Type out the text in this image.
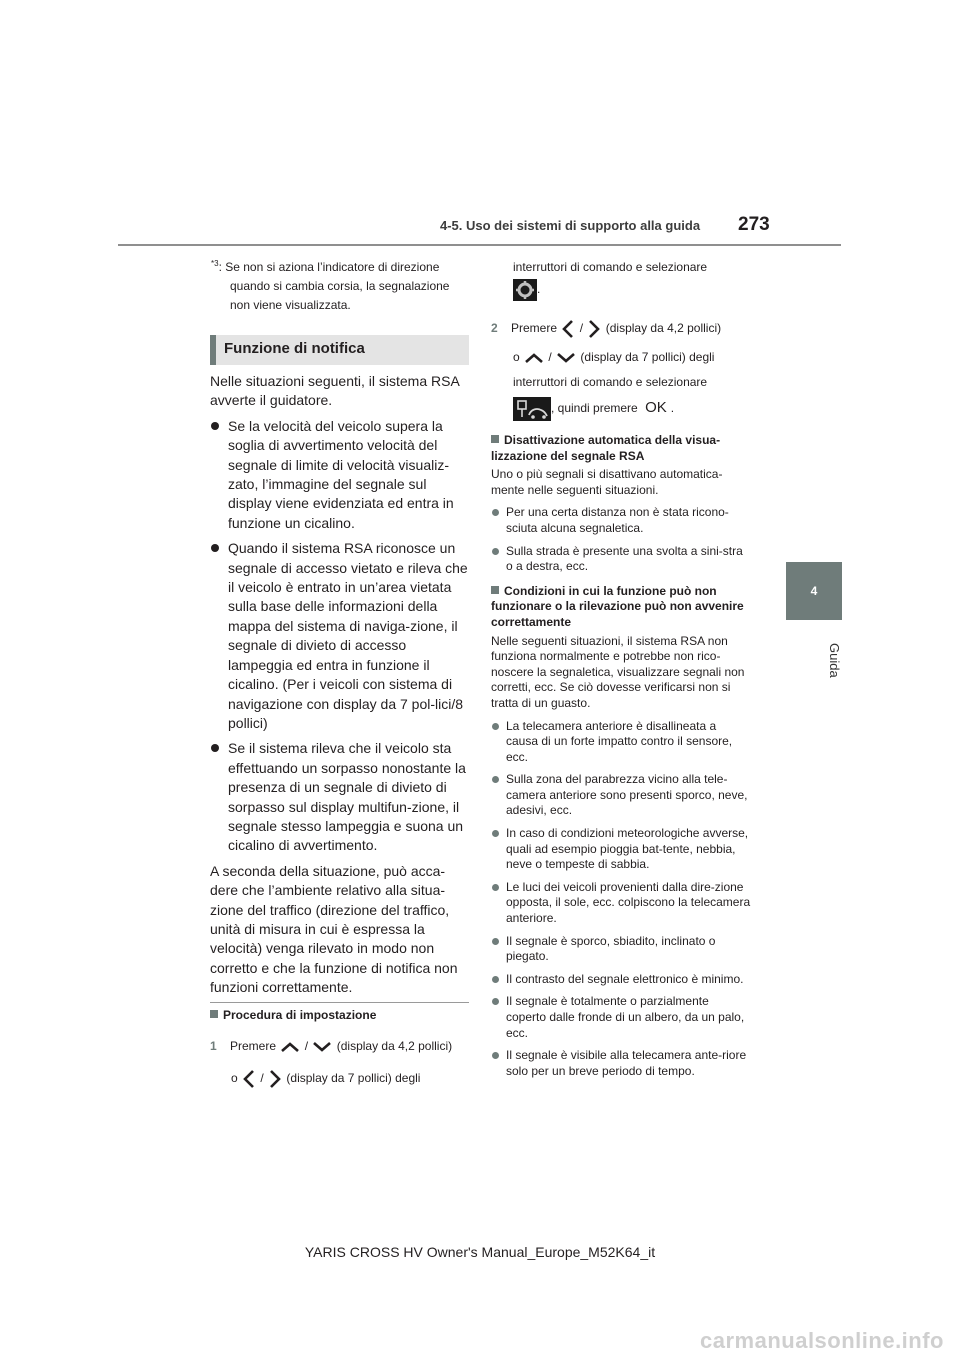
4-5. Uso dei sistemi di supporto alla guida 273
4
Guida
$^{*3}$: Se non si aziona l’indicatore di direzione
quando si cambia corsia, la segnalazione
non viene visualizzata.
Funzione di notifica

Nelle situazioni seguenti, il sistema RSA avverte il guidatore.

Se la velocità del veicolo supera la soglia di avvertimento velocità del segnale di limite di velocità visualiz-zato, l’immagine del segnale sul display viene evidenziata ed entra in funzione un cicalino.

Quando il sistema RSA riconosce un segnale di accesso vietato e rileva che il veicolo è entrato in un’area vietata sulla base delle informazioni della mappa del sistema di naviga-zione, il segnale di divieto di accesso lampeggia ed entra in funzione il cicalino. (Per i veicoli con sistema di navigazione con display da 7 pol-lici/8 pollici)

Se il sistema rileva che il veicolo sta effettuando un sorpasso nonostante la presenza di un segnale di divieto di sorpasso sul display multifun-zione, il segnale stesso lampeggia e suona un cicalino di avvertimento.

A seconda della situazione, può acca-dere che l’ambiente relativo alla situa-zione del traffico (direzione del traffico, unità di misura in cui è espressa la velocità) venga rilevato in modo non corretto e che la funzione di notifica non funzioni correttamente.

Procedura di impostazione
1 Premere / (display da 4,2 pollici)
o / (display da 7 pollici) degli
interruttori di comando e selezionare
.
2 Premere / (display da 4,2 pollici)
o / (display da 7 pollici) degli
interruttori di comando e selezionare
, quindi premere OK .

Disattivazione automatica della visua-lizzazione del segnale RSA

Uno o più segnali si disattivano automatica-mente nelle seguenti situazioni.

Per una certa distanza non è stata ricono-sciuta alcuna segnaletica.

Sulla strada è presente una svolta a sini-stra o a destra, ecc.

Condizioni in cui la funzione può non funzionare o la rilevazione può non avvenire correttamente

Nelle seguenti situazioni, il sistema RSA non funziona normalmente e potrebbe non rico-noscere la segnaletica, visualizzare segnali non corretti, ecc. Se ciò dovesse verificarsi non si tratta di un guasto.

La telecamera anteriore è disallineata a causa di un forte impatto contro il sensore, ecc.

Sulla zona del parabrezza vicino alla tele-camera anteriore sono presenti sporco, neve, adesivi, ecc.

In caso di condizioni meteorologiche avverse, quali ad esempio pioggia bat-tente, nebbia, neve o tempeste di sabbia.

Le luci dei veicoli provenienti dalla dire-zione opposta, il sole, ecc. colpiscono la telecamera anteriore.

Il segnale è sporco, sbiadito, inclinato o piegato.

Il contrasto del segnale elettronico è minimo.

Il segnale è totalmente o parzialmente coperto dalle fronde di un albero, da un palo, ecc.

Il segnale è visibile alla telecamera ante-riore solo per un breve periodo di tempo.

YARIS CROSS HV Owner's Manual_Europe_M52K64_it
carmanualsonline.info
